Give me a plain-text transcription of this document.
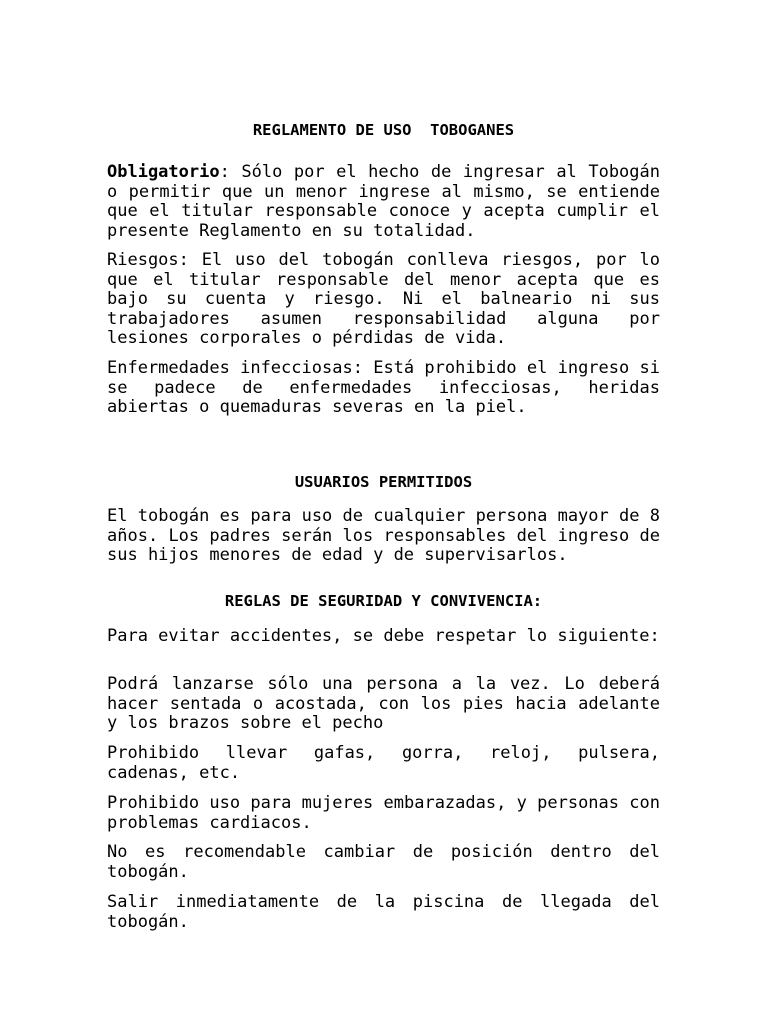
REGLAMENTO DE USO  TOBOGANES

Obligatorio: Sólo por el hecho de ingresar al Tobogán o permitir que un menor ingrese al mismo, se entiende que el titular responsable conoce y acepta cumplir el presente Reglamento en su totalidad.

Riesgos: El uso del tobogán conlleva riesgos, por lo que el titular responsable del menor acepta que es bajo su cuenta y riesgo. Ni el balneario ni sus trabajadores asumen responsabilidad alguna por lesiones corporales o pérdidas de vida.

Enfermedades infecciosas: Está prohibido el ingreso si se padece de enfermedades infecciosas, heridas abiertas o quemaduras severas en la piel.

USUARIOS PERMITIDOS

El tobogán es para uso de cualquier persona mayor de 8 años. Los padres serán los responsables del ingreso de sus hijos menores de edad y de supervisarlos.

REGLAS DE SEGURIDAD Y CONVIVENCIA:

Para evitar accidentes, se debe respetar lo siguiente:

Podrá lanzarse sólo una persona a la vez. Lo deberá hacer sentada o acostada, con los pies hacia adelante y los brazos sobre el pecho

Prohibido llevar gafas, gorra, reloj, pulsera, cadenas, etc.

Prohibido uso para mujeres embarazadas, y personas con problemas cardiacos.

No es recomendable cambiar de posición dentro del tobogán.

Salir inmediatamente de la piscina de llegada del tobogán.
